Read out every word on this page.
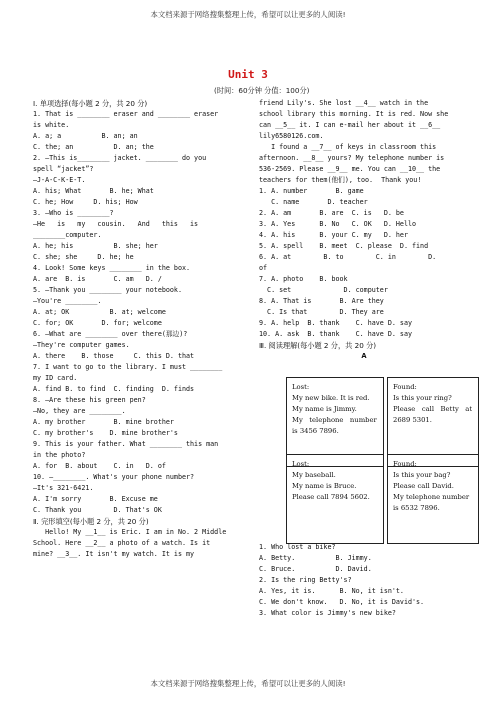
本文档来源于网络搜集整理上传，希望可以让更多的人阅读!
Unit 3
(时间：60分钟 分值：100分)
Ⅰ. 单项选择(每小题 2 分，共 20 分)
1. That is ________ eraser and ________ eraser
is white.
A. a; a          B. an; an
C. the; an          D. an; the
2. —This is________ jacket. ________ do you
spell “jacket”?
—J-A-C-K-E-T.
A. his; What       B. he; What
C. he; How     D. his; How
3. —Who is ________?
—He   is   my   cousin.   And   this   is
________computer.
A. he; his          B. she; her
C. she; she     D. he; he
4. Look! Some keys ________ in the box.
A. are  B. is       C. am   D. /
5. —Thank you ________ your notebook.
—You're ________.
A. at; OK          B. at; welcome
C. for; OK       D. for; welcome
6. —What are ________ over there(那边)?
—They're computer games.
A. there    B. those     C. this D. that
7. I want to go to the library. I must ________
my ID card.
A. find B. to find  C. finding  D. finds
8. —Are these his green pen?
—No, they are ________.
A. my brother       B. mine brother
C. my brother's    D. mine brother's
9. This is your father. What ________ this man
in the photo?
A. for  B. about    C. in   D. of
10. —________. What's your phone number?
—It's 321-6421.
A. I'm sorry       B. Excuse me
C. Thank you        D. That's OK
Ⅱ. 完形填空(每小题 2 分，共 20 分)
Hello! My __1__ is Eric. I am in No. 2 Middle
School. Here __2__ a photo of a watch. Is it
mine? __3__. It isn't my watch. It is my
friend Lily's. She lost __4__ watch in the
school library this morning. It is red. Now she
can __5__ it. I can e-mail her about it __6__
lily6580126.com.
I found a __7__ of keys in classroom this
afternoon. __8__ yours? My telephone number is
536-2569. Please __9__ me. You can __10__ the
teachers for them(他们), too.  Thank you!
1. A. number       B. game
C. name       D. teacher
2. A. am       B. are  C. is   D. be
3. A. Yes      B. No   C. OK   D. Hello
4. A. his      B. your C. my   D. her
5. A. spell    B. meet  C. please  D. find
6. A. at        B. to        C. in        D.
of
7. A. photo    B. book
C. set             D. computer
8. A. That is       B. Are they
C. Is that        D. They are
9. A. help  B. thank    C. have D. say
10. A. ask  B. thank    C. have D. say
Ⅲ. 阅读理解(每小题 2 分，共 20 分)
A
Lost:
My new bike. It is red.
My name is Jimmy.
My   telephone   number
is 3456 7896.
Found:
Is this your ring?
Please   call   Betty   at
2689 5301.
Lost:
My baseball.
My name is Bruce.
Please call 7894 5602.
Found:
Is this your bag?
Please call David.
My telephone number
is 6532 7896.
1. Who lost a bike?
A. Betty.          B. Jimmy.
C. Bruce.          D. David.
2. Is the ring Betty's?
A. Yes, it is.      B. No, it isn't.
C. We don't know.   D. No, it is David's.
3. What color is Jimmy's new bike?
本文档来源于网络搜集整理上传，希望可以让更多的人阅读!
